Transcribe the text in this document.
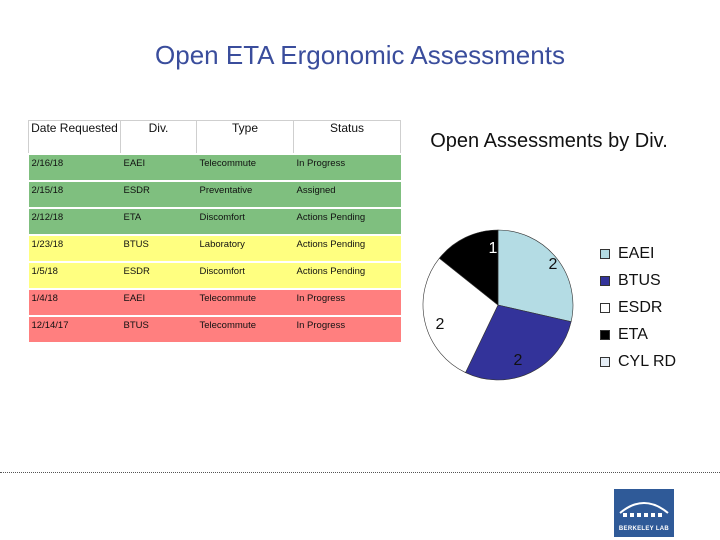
Open ETA Ergonomic Assessments
Date Requested	Div.	Type	Status
2/16/18	EAEI	Telecommute	In Progress
2/15/18	ESDR	Preventative	Assigned
2/12/18	ETA	Discomfort	Actions Pending
1/23/18	BTUS	Laboratory	Actions Pending
1/5/18	ESDR	Discomfort	Actions Pending
1/4/18	EAEI	Telecommute	In Progress
12/14/17	BTUS	Telecommute	In Progress
Open Assessments by Div.
2
2
2
1	EAEI
BTUS
ESDR
ETA
CYL RD
BERKELEY LAB
